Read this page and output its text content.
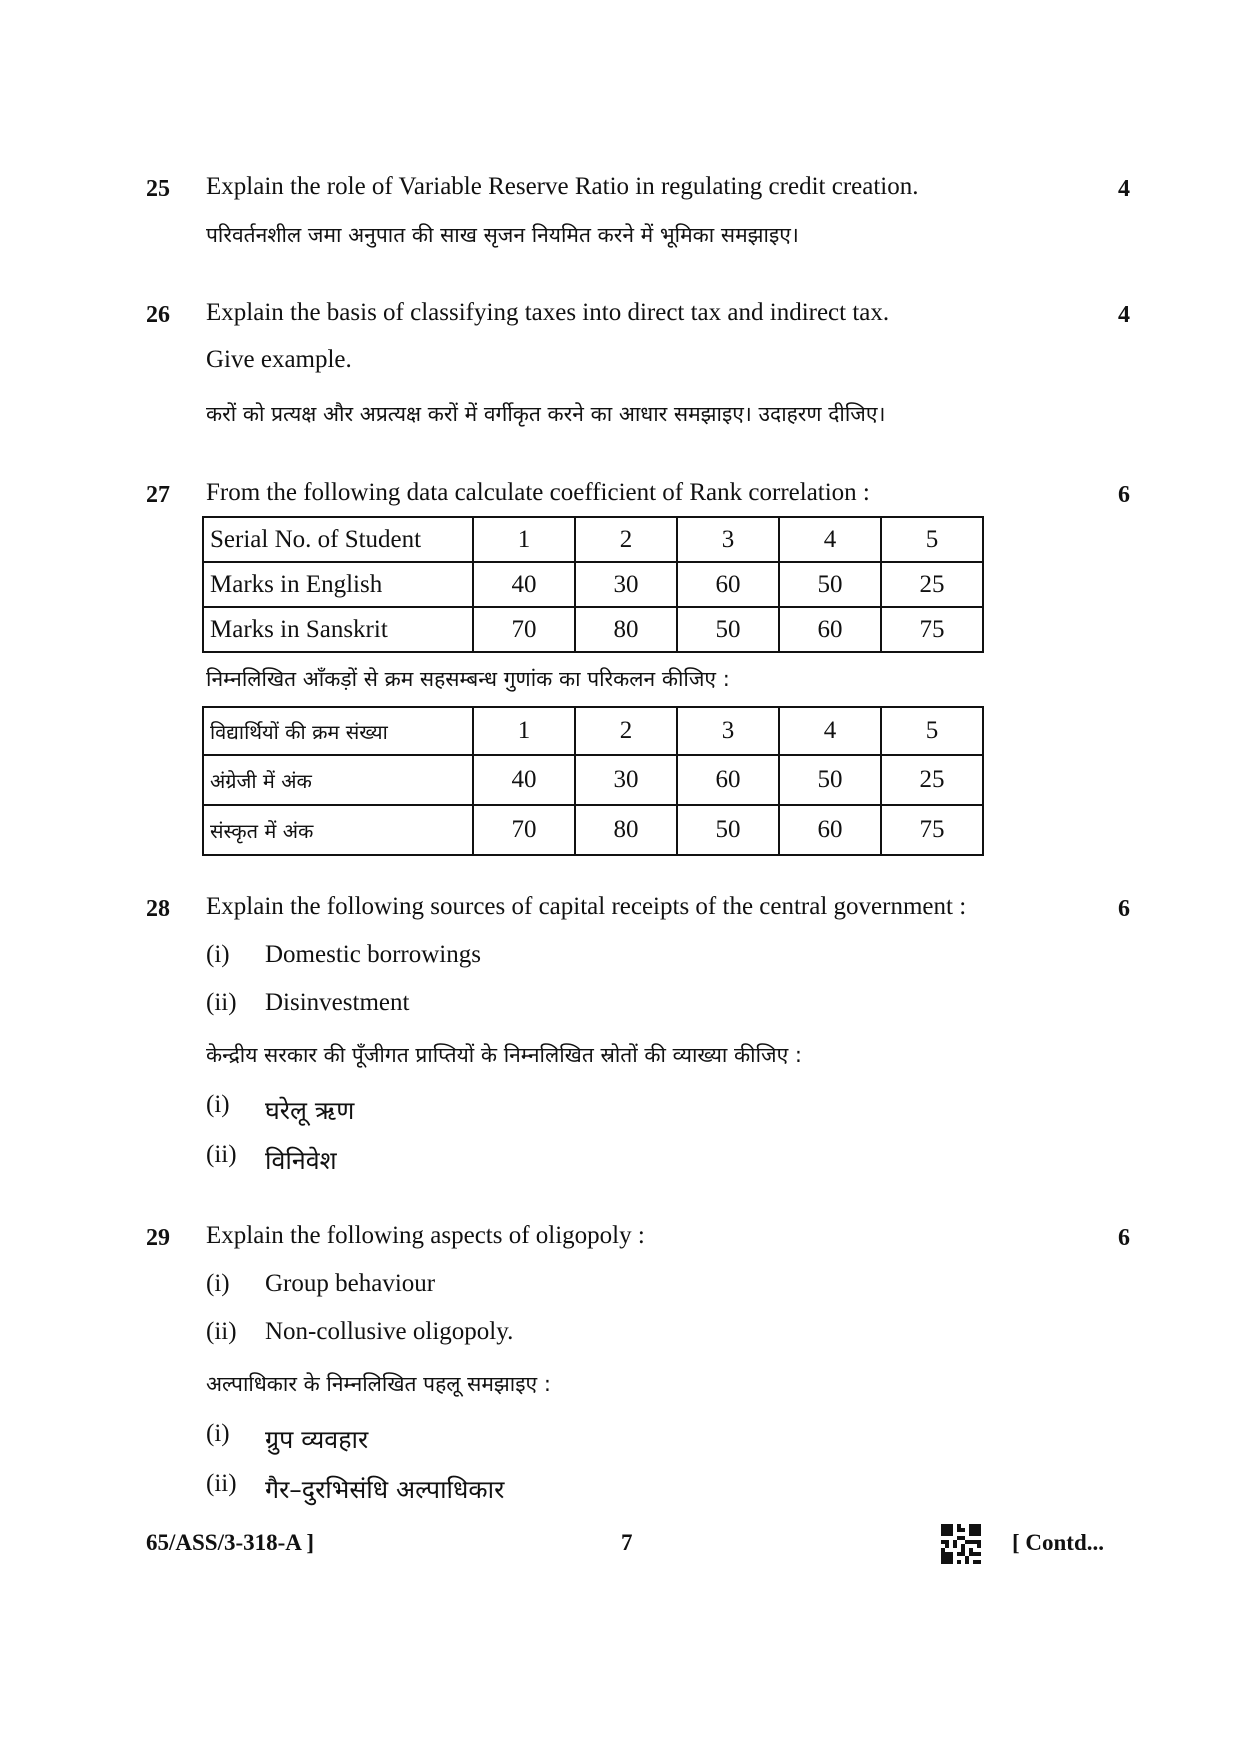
25	4
Explain the role of Variable Reserve Ratio in regulating credit creation.
परिवर्तनशील जमा अनुपात की साख सृजन नियमित करने में भूमिका समझाइए।
26	4
Explain the basis of classifying taxes into direct tax and indirect tax.
Give example.
करों को प्रत्यक्ष और अप्रत्यक्ष करों में वर्गीकृत करने का आधार समझाइए। उदाहरण दीजिए।
27	6
From the following data calculate coefficient of Rank correlation :
Serial No. of Student	1	2	3	4	5
Marks in English	40	30	60	50	25
Marks in Sanskrit	70	80	50	60	75
निम्नलिखित आँकड़ों से क्रम सहसम्बन्ध गुणांक का परिकलन कीजिए :
विद्यार्थियों की क्रम संख्या	1	2	3	4	5
अंग्रेजी में अंक	40	30	60	50	25
संस्कृत में अंक	70	80	50	60	75
28	6
Explain the following sources of capital receipts of the central government :
(i) Domestic borrowings
(ii) Disinvestment
केन्द्रीय सरकार की पूँजीगत प्राप्तियों के निम्नलिखित स्रोतों की व्याख्या कीजिए :
(i) घरेलू ऋण
(ii) विनिवेश
29	6
Explain the following aspects of oligopoly :
(i) Group behaviour
(ii) Non-collusive oligopoly.
अल्पाधिकार के निम्नलिखित पहलू समझाइए :
(i) ग्रुप व्यवहार
(ii) गैर–दुरभिसंधि अल्पाधिकार
65/ASS/3-318-A ]	7	[ Contd...
